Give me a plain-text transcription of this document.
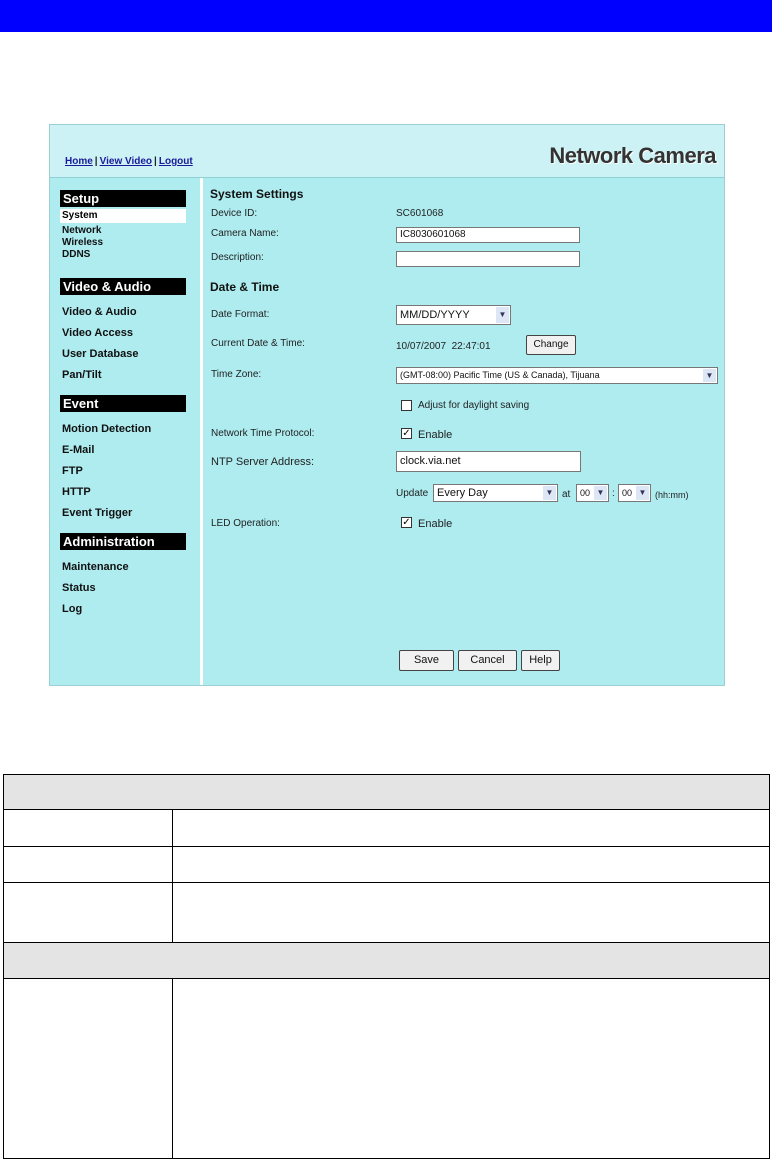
Home | View Video | Logout	Network Camera
Setup
System
Network
Wireless
DDNS
Video & Audio
Video & Audio
Video Access
User Database
Pan/Tilt
Event
Motion Detection
E-Mail
FTP
HTTP
Event Trigger
Administration
Maintenance
Status
Log
System Settings
Device ID:	SC601068
Camera Name:	IC8030601068
Description:
Date & Time
Date Format:	MM/DD/YYYY	▼
Current Date & Time:	10/07/2007  22:47:01	Change
Time Zone:	(GMT-08:00) Pacific Time (US & Canada), Tijuana	▼
Adjust for daylight saving
Network Time Protocol:	✓ Enable
NTP Server Address:	clock.via.net
Update Every Day	▼ at	00 ▼ : 00 ▼ (hh:mm)
LED Operation:	✓ Enable
Save	Cancel	Help
